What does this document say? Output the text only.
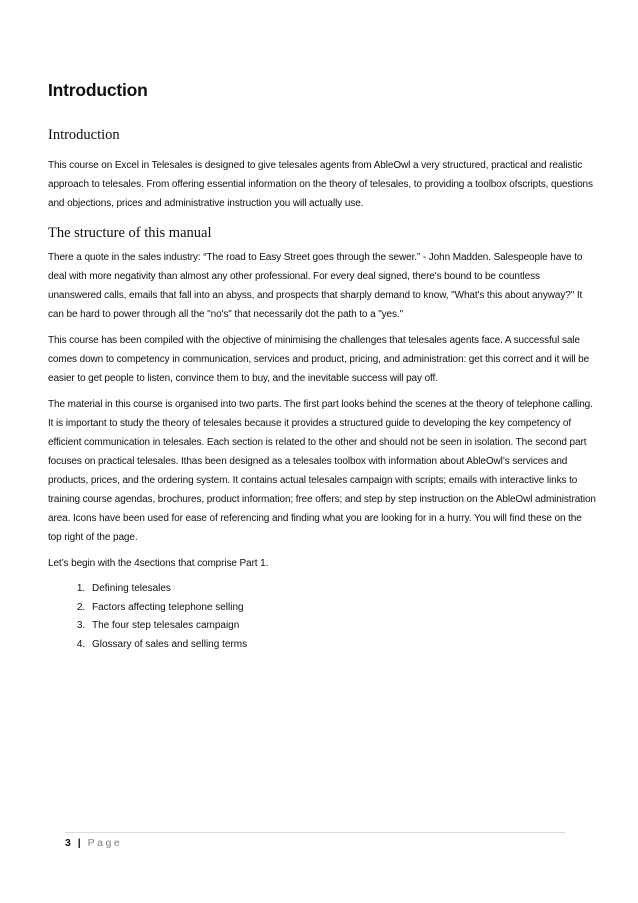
Introduction
Introduction

This course on Excel in Telesales is designed to give telesales agents from AbleOwl a very structured, practical and realistic approach to telesales. From offering essential information on the theory of telesales, to providing a toolbox ofscripts, questions and objections, prices and administrative instruction you will actually use.

The structure of this manual

There a quote in the sales industry: “The road to Easy Street goes through the sewer.” - John Madden. Salespeople have to deal with more negativity than almost any other professional. For every deal signed, there's bound to be countless unanswered calls, emails that fall into an abyss, and prospects that sharply demand to know, "What's this about anyway?" It can be hard to power through all the "no's" that necessarily dot the path to a "yes."

This course has been compiled with the objective of minimising the challenges that telesales agents face. A successful sale comes down to competency in communication, services and product, pricing, and administration: get this correct and it will be easier to get people to listen, convince them to buy, and the inevitable success will pay off.

The material in this course is organised into two parts. The first part looks behind the scenes at the theory of telephone calling. It is important to study the theory of telesales because it provides a structured guide to developing the key competency of efficient communication in telesales. Each section is related to the other and should not be seen in isolation. The second part focuses on practical telesales. Ithas been designed as a telesales toolbox with information about AbleOwl’s services and products, prices, and the ordering system. It contains actual telesales campaign with scripts; emails with interactive links to training course agendas, brochures, product information; free offers; and step by step instruction on the AbleOwl administration area. Icons have been used for ease of referencing and finding what you are looking for in a hurry. You will find these on the top right of the page.

Let’s begin with the 4sections that comprise Part 1.

1. Defining telesales
2. Factors affecting telephone selling
3. The four step telesales campaign
4. Glossary of sales and selling terms
3 | Page
